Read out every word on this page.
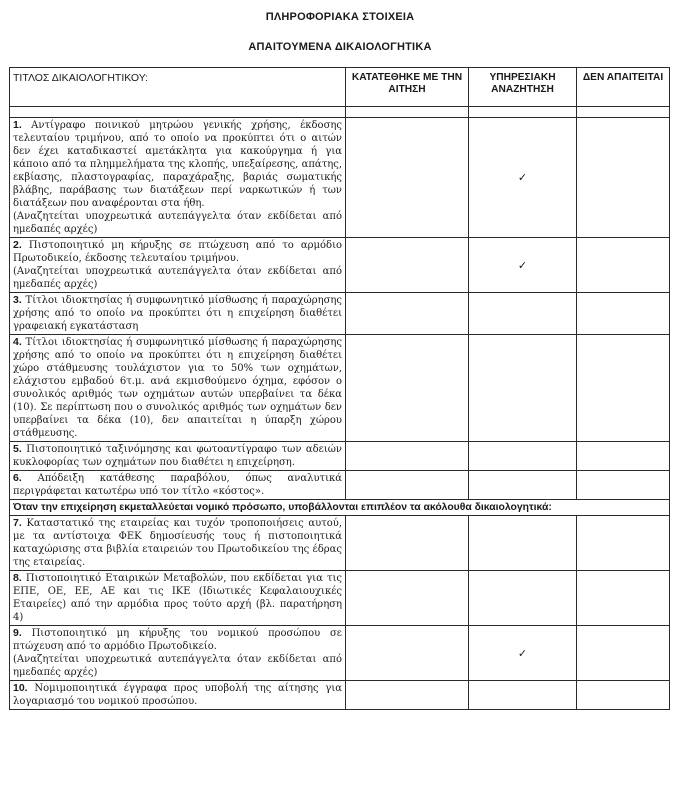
ΠΛΗΡΟΦΟΡΙΑΚΑ ΣΤΟΙΧΕΙΑ
ΑΠΑΙΤΟΥΜΕΝΑ ΔΙΚΑΙΟΛΟΓΗΤΙΚΑ
ΤΙΤΛΟΣ ΔΙΚΑΙΟΛΟΓΗΤΙΚΟΥ:	ΚΑΤΑΤΕΘΗΚΕ ΜΕ ΤΗΝ ΑΙΤΗΣΗ	ΥΠΗΡΕΣΙΑΚΗ ΑΝΑΖΗΤΗΣΗ	ΔΕΝ ΑΠΑΙΤΕΙΤΑΙ

1. Αντίγραφο ποινικού μητρώου γενικής χρήσης, έκδοσης τελευταίου τριμήνου, από το οποίο να προκύπτει ότι ο αιτών δεν έχει καταδικαστεί αμετάκλητα για κακούργημα ή για κάποιο από τα πλημμελήματα της κλοπής, υπεξαίρεσης, απάτης, εκβίασης, πλαστογραφίας, παραχάραξης, βαριάς σωματικής βλάβης, παράβασης των διατάξεων περί ναρκωτικών ή των διατάξεων που αναφέρονται στα ήθη.
(Αναζητείται υποχρεωτικά αυτεπάγγελτα όταν εκδίδεται από ημεδαπές αρχές)		✓	
2. Πιστοποιητικό μη κήρυξης σε πτώχευση από το αρμόδιο Πρωτοδικείο, έκδοσης τελευταίου τριμήνου.
(Αναζητείται υποχρεωτικά αυτεπάγγελτα όταν εκδίδεται από ημεδαπές αρχές)		✓	
3. Τίτλοι ιδιοκτησίας ή συμφωνητικό μίσθωσης ή παραχώρησης χρήσης από το οποίο να προκύπτει ότι η επιχείρηση διαθέτει γραφειακή εγκατάσταση			
4. Τίτλοι ιδιοκτησίας ή συμφωνητικό μίσθωσης ή παραχώρησης χρήσης από το οποίο να προκύπτει ότι η επιχείρηση διαθέτει χώρο στάθμευσης τουλάχιστον για το 50% των οχημάτων, ελάχιστου εμβαδού 6τ.μ. ανά εκμισθούμενο όχημα, εφόσον ο συνολικός αριθμός των οχημάτων αυτών υπερβαίνει τα δέκα (10). Σε περίπτωση που ο συνολικός αριθμός των οχημάτων δεν υπερβαίνει τα δέκα (10), δεν απαιτείται η ύπαρξη χώρου στάθμευσης.			
5. Πιστοποιητικό ταξινόμησης και φωτοαντίγραφο των αδειών κυκλοφορίας των οχημάτων που διαθέτει η επιχείρηση.			
6. Απόδειξη κατάθεσης παραβόλου, όπως αναλυτικά περιγράφεται κατωτέρω υπό τον τίτλο «κόστος».			
Όταν την επιχείρηση εκμεταλλεύεται νομικό πρόσωπο, υποβάλλονται επιπλέον τα ακόλουθα δικαιολογητικά:			
7. Καταστατικό της εταιρείας και τυχόν τροποποιήσεις αυτού, με τα αντίστοιχα ΦΕΚ δημοσίευσής τους ή πιστοποιητικά καταχώρισης στα βιβλία εταιρειών του Πρωτοδικείου της έδρας της εταιρείας.			
8. Πιστοποιητικό Εταιρικών Μεταβολών, που εκδίδεται για τις ΕΠΕ, ΟΕ, ΕΕ, ΑΕ και τις ΙΚΕ (Ιδιωτικές Κεφαλαιουχικές Εταιρείες) από την αρμόδια προς τούτο αρχή (βλ. παρατήρηση 4)			
9. Πιστοποιητικό μη κήρυξης του νομικού προσώπου σε πτώχευση από το αρμόδιο Πρωτοδικείο.
(Αναζητείται υποχρεωτικά αυτεπάγγελτα όταν εκδίδεται από ημεδαπές αρχές)		✓	
10. Νομιμοποιητικά έγγραφα προς υποβολή της αίτησης για λογαριασμό του νομικού προσώπου.			
